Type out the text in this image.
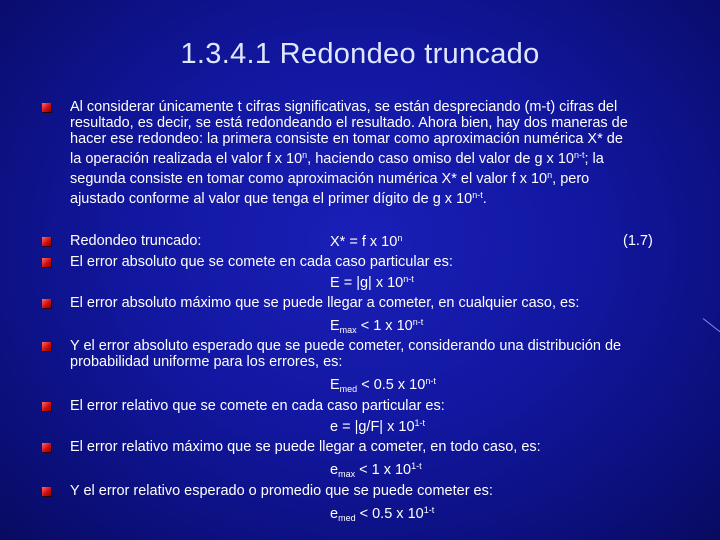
1.3.4.1 Redondeo truncado
Al considerar únicamente t cifras significativas, se están despreciando (m-t) cifras del
resultado, es decir, se está redondeando el resultado. Ahora bien, hay dos maneras de
hacer ese redondeo: la primera consiste en tomar como aproximación numérica X* de
la operación realizada el valor f x 10$^n$, haciendo caso omiso del valor de g x 10$^{n-t}$; la
segunda consiste en tomar como aproximación numérica X* el valor f x 10$^n$, pero
ajustado conforme al valor que tenga el primer dígito de g x 10$^{n-t}$.
Redondeo truncado:	X* = f x 10$^n$	(1.7)
El error absoluto que se comete en cada caso particular es:
E = |g| x 10$^{n-t}$
El error absoluto máximo que se puede llegar a cometer, en cualquier caso, es:
$E_{max} < 1$ x 10$^{n-t}$
Y el error absoluto esperado que se puede cometer, considerando una distribución de
probabilidad uniforme para los errores, es:
$E_{med} < 0.5$ x 10$^{n-t}$
El error relativo que se comete en cada caso particular es:
e = |g/F| x 10$^{1-t}$
El error relativo máximo que se puede llegar a cometer, en todo caso, es:
$e_{max} < 1$ x 10$^{1-t}$
Y el error relativo esperado o promedio que se puede cometer es:
$e_{med} < 0.5$ x 10$^{1-t}$
